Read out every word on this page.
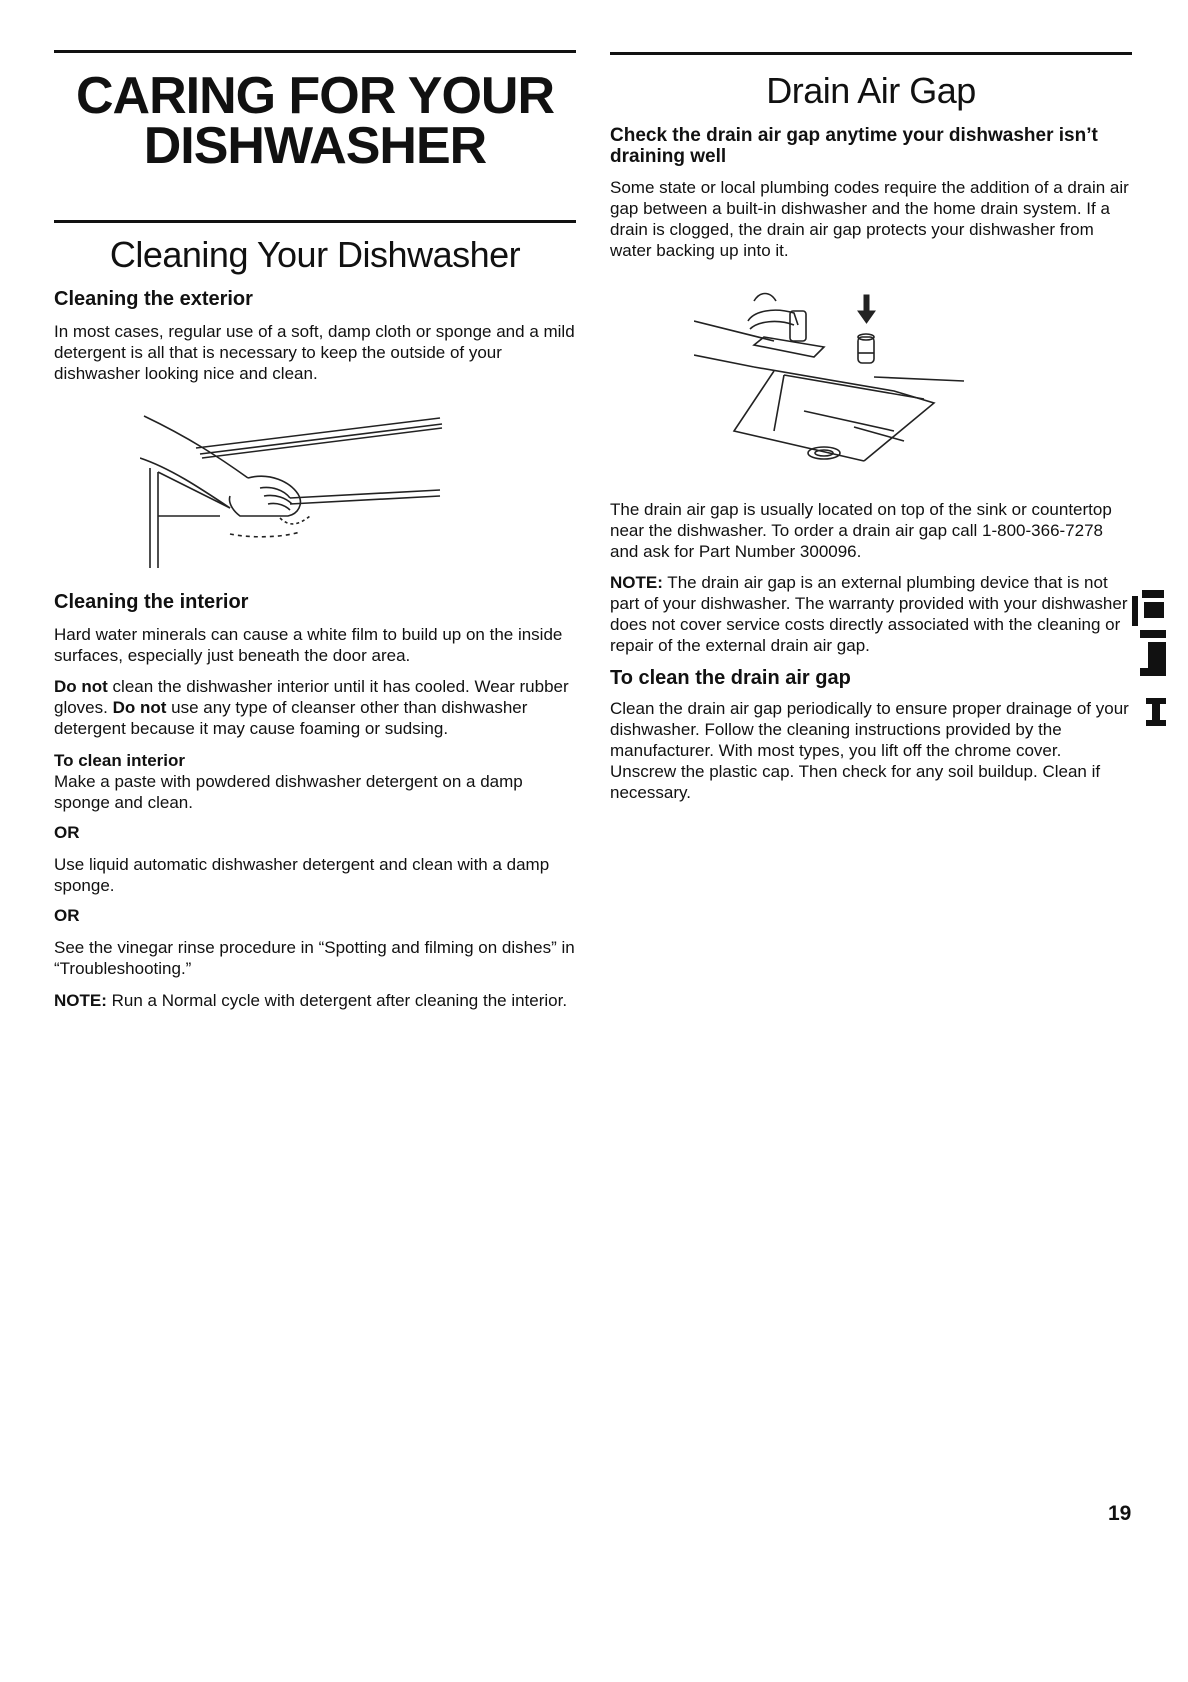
CARING FOR YOUR
DISHWASHER
Cleaning Your Dishwasher
Cleaning the exterior

In most cases, regular use of a soft, damp cloth or sponge and a mild detergent is all that is necessary to keep the outside of your dishwasher looking nice and clean.

Cleaning the interior

Hard water minerals can cause a white film to build up on the inside surfaces, especially just beneath the door area.

Do not clean the dishwasher interior until it has cooled. Wear rubber gloves. Do not use any type of cleanser other than dishwasher detergent because it may cause foaming or sudsing.

To clean interior

Make a paste with powdered dishwasher detergent on a damp sponge and clean.

OR

Use liquid automatic dishwasher detergent and clean with a damp sponge.

OR

See the vinegar rinse procedure in “Spotting and filming on dishes” in “Troubleshooting.”

NOTE: Run a Normal cycle with detergent after cleaning the interior.

Drain Air Gap
Check the drain air gap anytime your dishwasher isn’t draining well

Some state or local plumbing codes require the addition of a drain air gap between a built-in dishwasher and the home drain system. If a drain is clogged, the drain air gap protects your dishwasher from water backing up into it.

The drain air gap is usually located on top of the sink or countertop near the dishwasher. To order a drain air gap call 1-800-366-7278 and ask for Part Number 300096.

NOTE: The drain air gap is an external plumbing device that is not part of your dishwasher. The warranty provided with your dishwasher does not cover service costs directly associated with the cleaning or repair of the external drain air gap.

To clean the drain air gap

Clean the drain air gap periodically to ensure proper drainage of your dishwasher. Follow the cleaning instructions provided by the manufacturer. With most types, you lift off the chrome cover. Unscrew the plastic cap. Then check for any soil buildup. Clean if necessary.

19
